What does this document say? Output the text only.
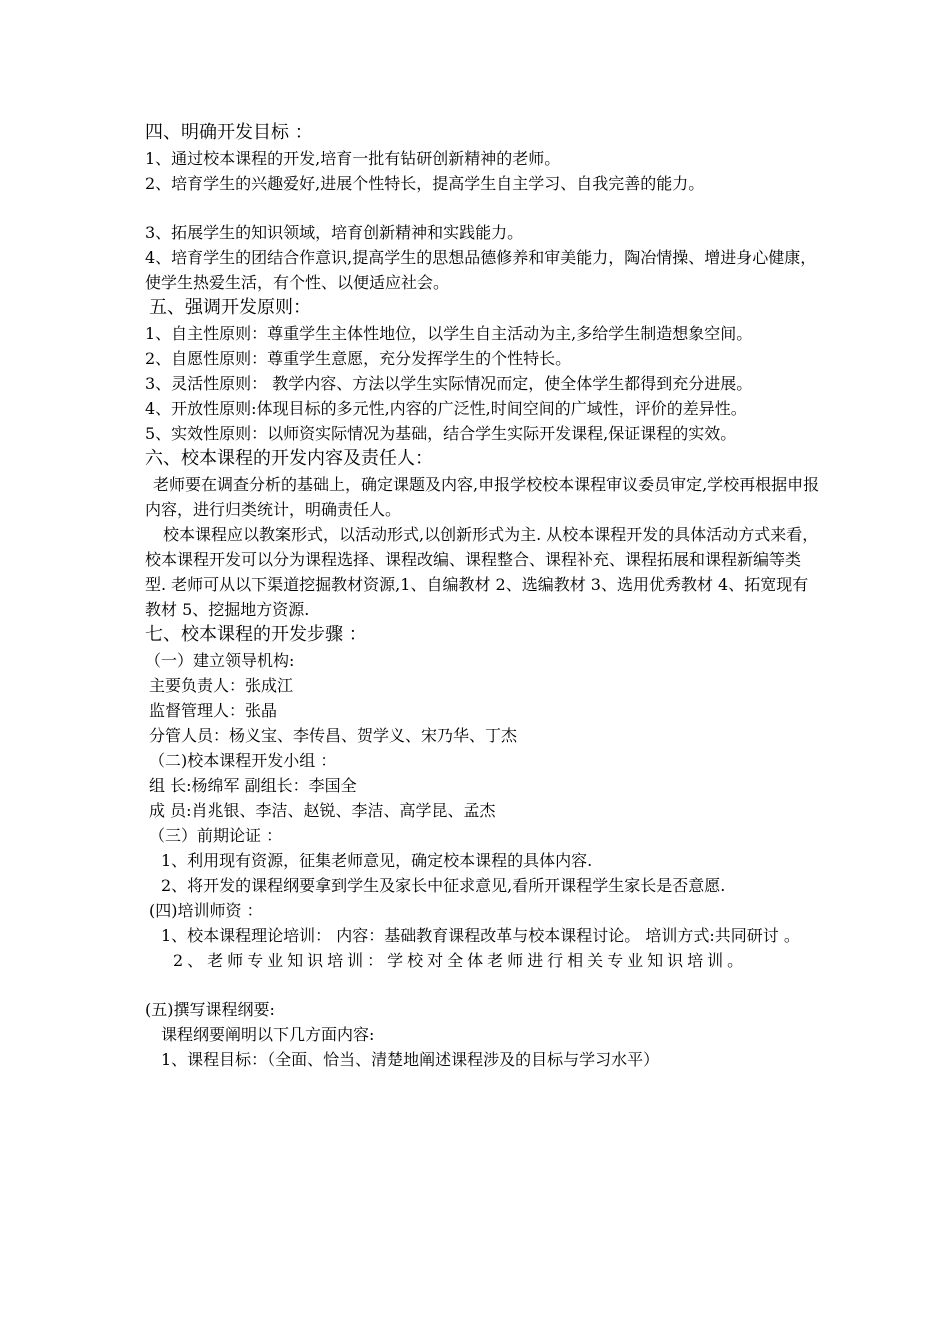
四、明确开发目标 ：

1、通过校本课程的开发,培育一批有钻研创新精神的老师。

2、培育学生的兴趣爱好,进展个性特长，提高学生自主学习、自我完善的能力。

3、拓展学生的知识领域，培育创新精神和实践能力。

4、培育学生的团结合作意识,提高学生的思想品德修养和审美能力，陶冶情操、增进身心健康，使学生热爱生活，有个性、以便适应社会。

五、强调开发原则：

1、自主性原则：尊重学生主体性地位，以学生自主活动为主,多给学生制造想象空间。

2、自愿性原则：尊重学生意愿，充分发挥学生的个性特长。

3、灵活性原则： 教学内容、方法以学生实际情况而定，使全体学生都得到充分进展。

4、开放性原则:体现目标的多元性,内容的广泛性,时间空间的广域性，评价的差异性。

5、实效性原则：以师资实际情况为基础，结合学生实际开发课程,保证课程的实效。

六、校本课程的开发内容及责任人：

老师要在调查分析的基础上，确定课题及内容,申报学校校本课程审议委员审定,学校再根据申报内容，进行归类统计，明确责任人。

校本课程应以教案形式，以活动形式,以创新形式为主. 从校本课程开发的具体活动方式来看，校本课程开发可以分为课程选择、课程改编、课程整合、课程补充、课程拓展和课程新编等类型. 老师可从以下渠道挖掘教材资源,1、自编教材 2、选编教材 3、选用优秀教材 4、拓宽现有教材 5、挖掘地方资源.

七、校本课程的开发步骤 ：

（一）建立领导机构:

主要负责人：张成江

监督管理人：张晶

分管人员：杨义宝、李传昌、贺学义、宋乃华、丁杰

（二)校本课程开发小组 ：

组 长:杨绵军 副组长：李国全

成 员:肖兆银、李洁、赵锐、李洁、高学昆、孟杰

（三）前期论证 ：

1、利用现有资源，征集老师意见，确定校本课程的具体内容.

2、将开发的课程纲要拿到学生及家长中征求意见,看所开课程学生家长是否意愿.

(四)培训师资 ：

1、校本课程理论培训： 内容：基础教育课程改革与校本课程讨论。 培训方式:共同研讨 。

2、老师专业知识培训：学校对全体老师进行相关专业知识培训。

(五)撰写课程纲要:

课程纲要阐明以下几方面内容:

1、课程目标：（全面、恰当、清楚地阐述课程涉及的目标与学习水平）
